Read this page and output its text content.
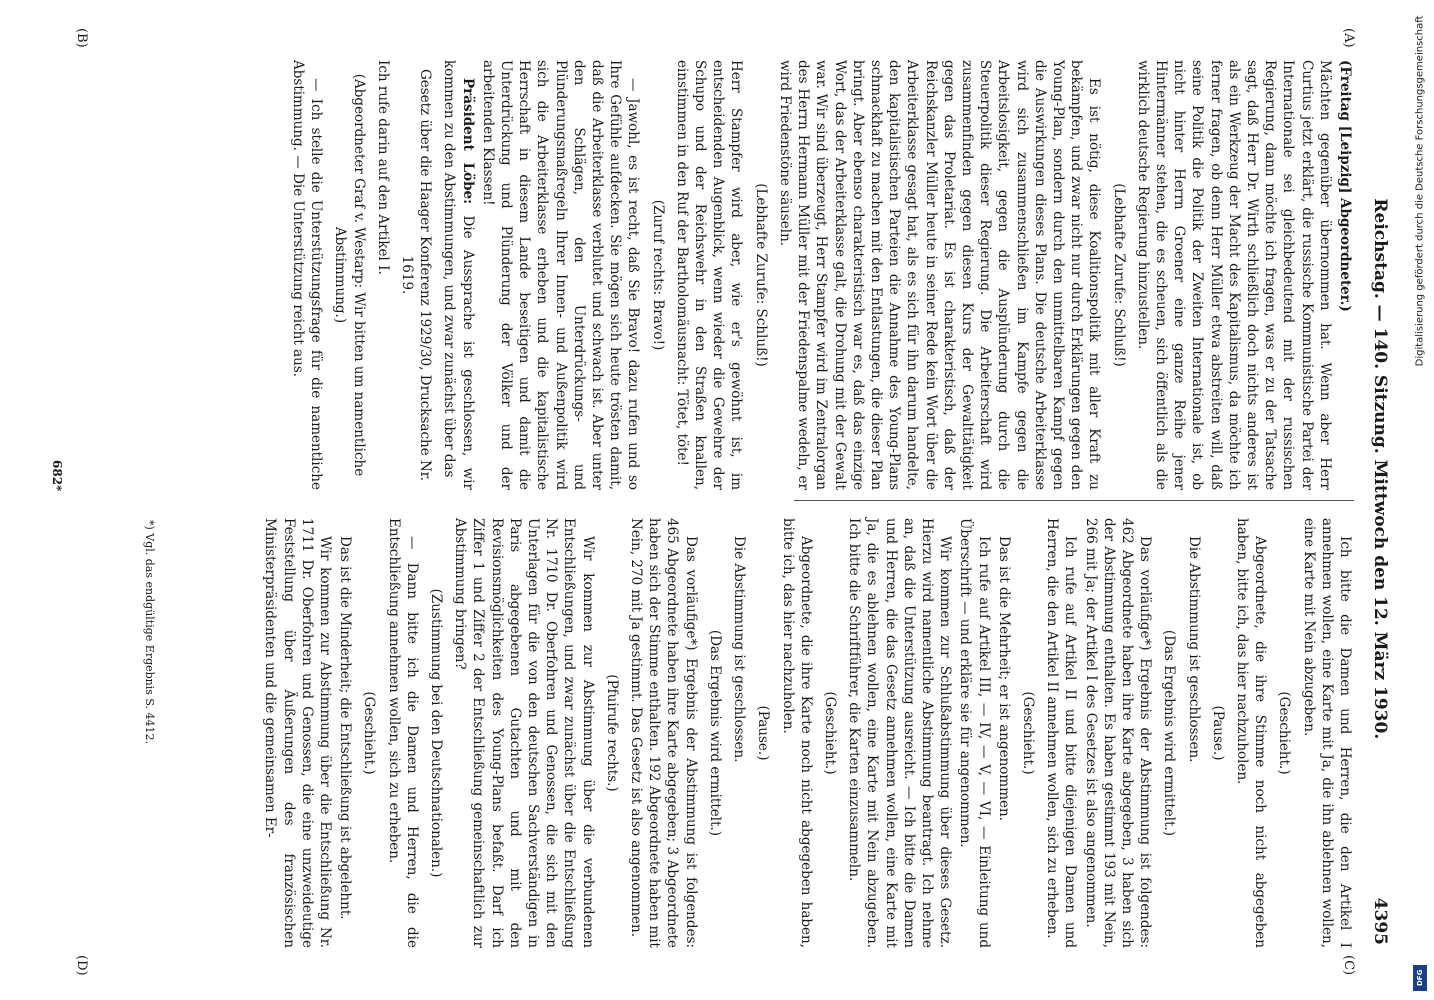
Reichstag. — 140. Sitzung. Mittwoch den 12. März 1930.
4395
(A)
(B)
(C)
(D)

(Freitag [Leipzig] Abgeordneter.)

Mächten gegenüber übernommen hat. Wenn aber Herr Curtius jetzt erklärt, die russische Kommunistische Partei der Internationale sei gleichbedeutend mit der russischen Regierung, dann möchte ich fragen, was er zu der Tatsache sagt, daß Herr Dr. Wirth schließlich doch nichts anderes ist als ein Werkzeug der Macht des Kapitalismus, da möchte ich ferner fragen, ob denn Herr Müller etwa abstreiten will, daß seine Politik die Politik der Zweiten Internationale ist, ob nicht hinter Herrn Groener eine ganze Reihe jener Hintermänner stehen, die es scheuen, sich öffentlich als die wirklich deutsche Regierung hinzustellen.

(Lebhafte Zurufe: Schluß!)

Es ist nötig, diese Koalitionspolitik mit aller Kraft zu bekämpfen, und zwar nicht nur durch Erklärungen gegen den Young-Plan, sondern durch den unmittelbaren Kampf gegen die Auswirkungen dieses Plans. Die deutsche Arbeiterklasse wird sich zusammenschließen im Kampfe gegen die Arbeitslosigkeit, gegen die Ausplünderung durch die Steuerpolitik dieser Regierung. Die Arbeiterschaft wird zusammenfinden gegen diesen Kurs der Gewalttätigkeit gegen das Proletariat. Es ist charakteristisch, daß der Reichskanzler Müller heute in seiner Rede kein Wort über die Arbeiterklasse gesagt hat, als es sich für ihn darum handelte, den kapitalistischen Parteien die Annahme des Young-Plans schmackhaft zu machen mit den Entlastungen, die dieser Plan bringt. Aber ebenso charakteristisch war es, daß das einzige Wort, das der Arbeiterklasse galt, die Drohung mit der Gewalt war. Wir sind überzeugt, Herr Stampfer wird im Zentralorgan des Herrn Hermann Müller mit der Friedenspalme wedeln, er wird Friedenstöne säuseln.

(Lebhafte Zurufe: Schluß!)

Herr Stampfer wird aber, wie er's gewöhnt ist, im entscheidenden Augenblick, wenn wieder die Gewehre der Schupo und der Reichswehr in den Straßen knallen, einstimmen in den Ruf der Bartholomäusnacht: Tötet, töte!

(Zuruf rechts: Bravo!)

— Jawohl, es ist recht, daß Sie Bravo! dazu rufen und so Ihre Gefühle aufdecken. Sie mögen sich heute trösten damit, daß die Arbeiterklasse verblutet und schwach ist. Aber unter den Schlägen, den Unterdrückungs- und Plünderungsmaßregeln Ihrer Innen- und Außenpolitik wird sich die Arbeiterklasse erheben und die kapitalistische Herrschaft in diesem Lande beseitigen und damit die Unterdrückung und Plünderung der Völker und der arbeitenden Klassen!

Präsident Löbe: Die Aussprache ist geschlossen, wir kommen zu den Abstimmungen, und zwar zunächst über das

Gesetz über die Haager Konferenz 1929/30, Drucksache Nr. 1619.

Ich rufe darin auf den Artikel I.

(Abgeordneter Graf v. Westarp: Wir bitten um namentliche Abstimmung.)

— Ich stelle die Unterstützungsfrage für die namentliche Abstimmung. — Die Unterstützung reicht aus.

Ich bitte die Damen und Herren, die den Artikel I annehmen wollen, eine Karte mit Ja, die ihn ablehnen wollen, eine Karte mit Nein abzugeben.

(Geschieht.)

Abgeordnete, die ihre Stimme noch nicht abgegeben haben, bitte ich, das hier nachzuholen.

(Pause.)

Die Abstimmung ist geschlossen.

(Das Ergebnis wird ermittelt.)

Das vorläufige*) Ergebnis der Abstimmung ist folgendes: 462 Abgeordnete haben ihre Karte abgegeben, 3 haben sich der Abstimmung enthalten. Es haben gestimmt 193 mit Nein, 266 mit Ja; der Artikel I des Gesetzes ist also angenommen.

Ich rufe auf Artikel II und bitte diejenigen Damen und Herren, die den Artikel II annehmen wollen, sich zu erheben.

(Geschieht.)

Das ist die Mehrheit; er ist angenommen.

Ich rufe auf Artikel III, — IV, — V, — VI, — Einleitung und Überschrift — und erkläre sie für angenommen.

Wir kommen zur Schlußabstimmung über dieses Gesetz. Hierzu wird namentliche Abstimmung beantragt. Ich nehme an, daß die Unterstützung ausreicht. — Ich bitte die Damen und Herren, die das Gesetz annehmen wollen, eine Karte mit Ja, die es ablehnen wollen, eine Karte mit Nein abzugeben. Ich bitte die Schriftführer, die Karten einzusammeln.

(Geschieht.)

Abgeordnete, die ihre Karte noch nicht abgegeben haben, bitte ich, das hier nachzuholen.

(Pause.)

Die Abstimmung ist geschlossen.

(Das Ergebnis wird ermittelt.)

Das vorläufige*) Ergebnis der Abstimmung ist folgendes: 465 Abgeordnete haben ihre Karte abgegeben; 3 Abgeordnete haben sich der Stimme enthalten. 192 Abgeordnete haben mit Nein, 270 mit Ja gestimmt. Das Gesetz ist also angenommen.

(Pfuirufe rechts.)

Wir kommen zur Abstimmung über die verbundenen Entschließungen, und zwar zunächst über die Entschließung Nr. 1710 Dr. Oberfohren und Genossen, die sich mit den Unterlagen für die von den deutschen Sachverständigen in Paris abgegebenen Gutachten und mit den Revisionsmöglichkeiten des Young-Plans befaßt. Darf ich Ziffer 1 und Ziffer 2 der Entschließung gemeinschaftlich zur Abstimmung bringen?

(Zustimmung bei den Deutschnationalen.)

— Dann bitte ich die Damen und Herren, die die Entschließung annehmen wollen, sich zu erheben.

(Geschieht.)

Das ist die Minderheit; die Entschließung ist abgelehnt.

Wir kommen zur Abstimmung über die Entschließung Nr. 1711 Dr. Oberfohren und Genossen, die eine unzweideutige Feststellung über Äußerungen des französischen Ministerpräsidenten und die gemeinsamen Er-

*) Vgl. das endgültige Ergebnis S. 4412.
682*
Digitalisierung gefördert durch die Deutsche Forschungsgemeinschaft
DFG
